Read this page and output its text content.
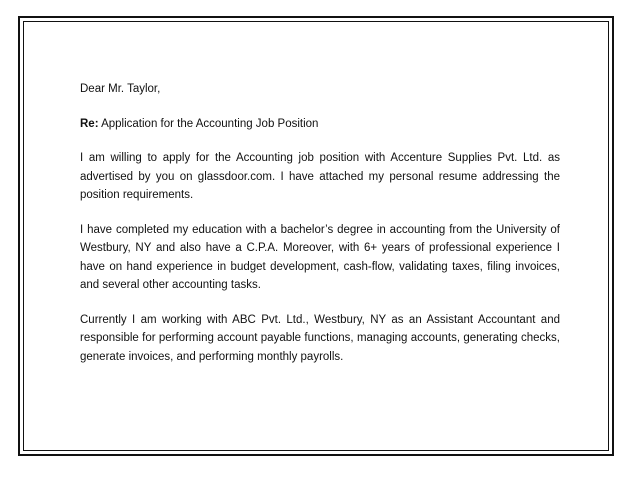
Dear Mr. Taylor,

Re: Application for the Accounting Job Position

I am willing to apply for the Accounting job position with Accenture Supplies Pvt. Ltd. as advertised by you on glassdoor.com. I have attached my personal resume addressing the position requirements.

I have completed my education with a bachelor’s degree in accounting from the University of Westbury, NY and also have a C.P.A. Moreover, with 6+ years of professional experience I have on hand experience in budget development, cash-flow, validating taxes, filing invoices, and several other accounting tasks.

Currently I am working with ABC Pvt. Ltd., Westbury, NY as an Assistant Accountant and responsible for performing account payable functions, managing accounts, generating checks, generate invoices, and performing monthly payrolls.
